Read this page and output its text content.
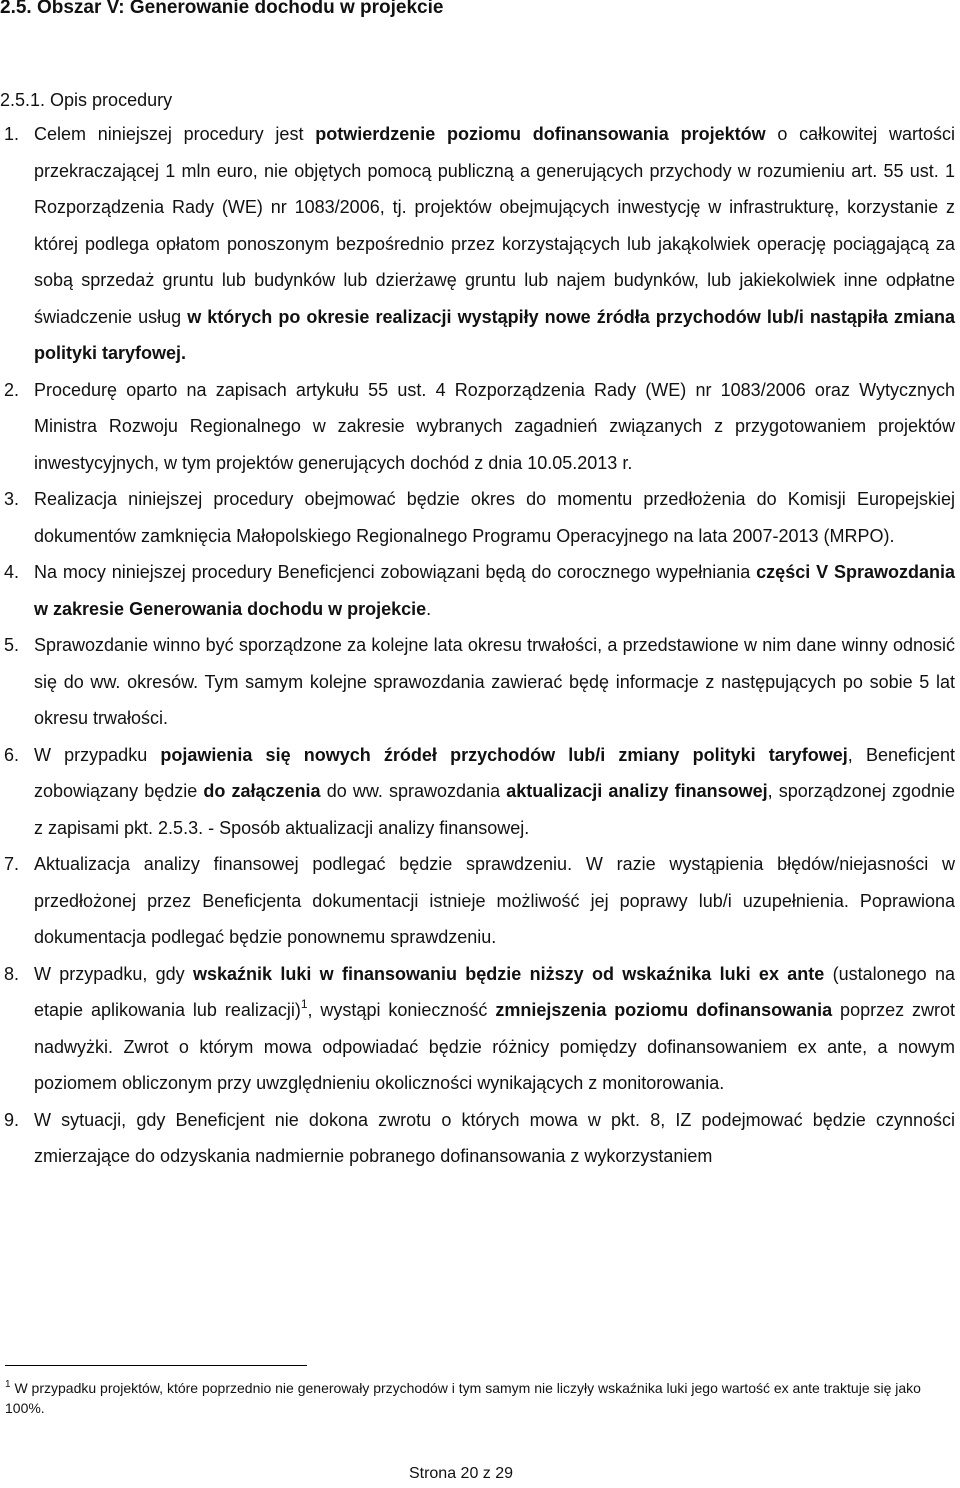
2.5. Obszar V: Generowanie dochodu w projekcie
2.5.1. Opis procedury
1. Celem niniejszej procedury jest potwierdzenie poziomu dofinansowania projektów o całkowitej wartości przekraczającej 1 mln euro, nie objętych pomocą publiczną a generujących przychody w rozumieniu art. 55 ust. 1 Rozporządzenia Rady (WE) nr 1083/2006, tj. projektów obejmujących inwestycję w infrastrukturę, korzystanie z której podlega opłatom ponoszonym bezpośrednio przez korzystających lub jakąkolwiek operację pociągającą za sobą sprzedaż gruntu lub budynków lub dzierżawę gruntu lub najem budynków, lub jakiekolwiek inne odpłatne świadczenie usług w których po okresie realizacji wystąpiły nowe źródła przychodów lub/i nastąpiła zmiana polityki taryfowej.
2. Procedurę oparto na zapisach artykułu 55 ust. 4 Rozporządzenia Rady (WE) nr 1083/2006 oraz Wytycznych Ministra Rozwoju Regionalnego w zakresie wybranych zagadnień związanych z przygotowaniem projektów inwestycyjnych, w tym projektów generujących dochód z dnia 10.05.2013 r.
3. Realizacja niniejszej procedury obejmować będzie okres do momentu przedłożenia do Komisji Europejskiej dokumentów zamknięcia Małopolskiego Regionalnego Programu Operacyjnego na lata 2007-2013 (MRPO).
4. Na mocy niniejszej procedury Beneficjenci zobowiązani będą do corocznego wypełniania części V Sprawozdania w zakresie Generowania dochodu w projekcie.
5. Sprawozdanie winno być sporządzone za kolejne lata okresu trwałości, a przedstawione w nim dane winny odnosić się do ww. okresów. Tym samym kolejne sprawozdania zawierać będę informacje z następujących po sobie 5 lat okresu trwałości.
6. W przypadku pojawienia się nowych źródeł przychodów lub/i zmiany polityki taryfowej, Beneficjent zobowiązany będzie do załączenia do ww. sprawozdania aktualizacji analizy finansowej, sporządzonej zgodnie z zapisami pkt. 2.5.3. - Sposób aktualizacji analizy finansowej.
7. Aktualizacja analizy finansowej podlegać będzie sprawdzeniu. W razie wystąpienia błędów/niejasności w przedłożonej przez Beneficjenta dokumentacji istnieje możliwość jej poprawy lub/i uzupełnienia. Poprawiona dokumentacja podlegać będzie ponownemu sprawdzeniu.
8. W przypadku, gdy wskaźnik luki w finansowaniu będzie niższy od wskaźnika luki ex ante (ustalonego na etapie aplikowania lub realizacji)$^1$, wystąpi konieczność zmniejszenia poziomu dofinansowania poprzez zwrot nadwyżki. Zwrot o którym mowa odpowiadać będzie różnicy pomiędzy dofinansowaniem ex ante, a nowym poziomem obliczonym przy uwzględnieniu okoliczności wynikających z monitorowania.
9. W sytuacji, gdy Beneficjent nie dokona zwrotu o których mowa w pkt. 8, IZ podejmować będzie czynności zmierzające do odzyskania nadmiernie pobranego dofinansowania z wykorzystaniem
$^1$ W przypadku projektów, które poprzednio nie generowały przychodów i tym samym nie liczyły wskaźnika luki jego wartość ex ante traktuje się jako 100%.
Strona 20 z 29
